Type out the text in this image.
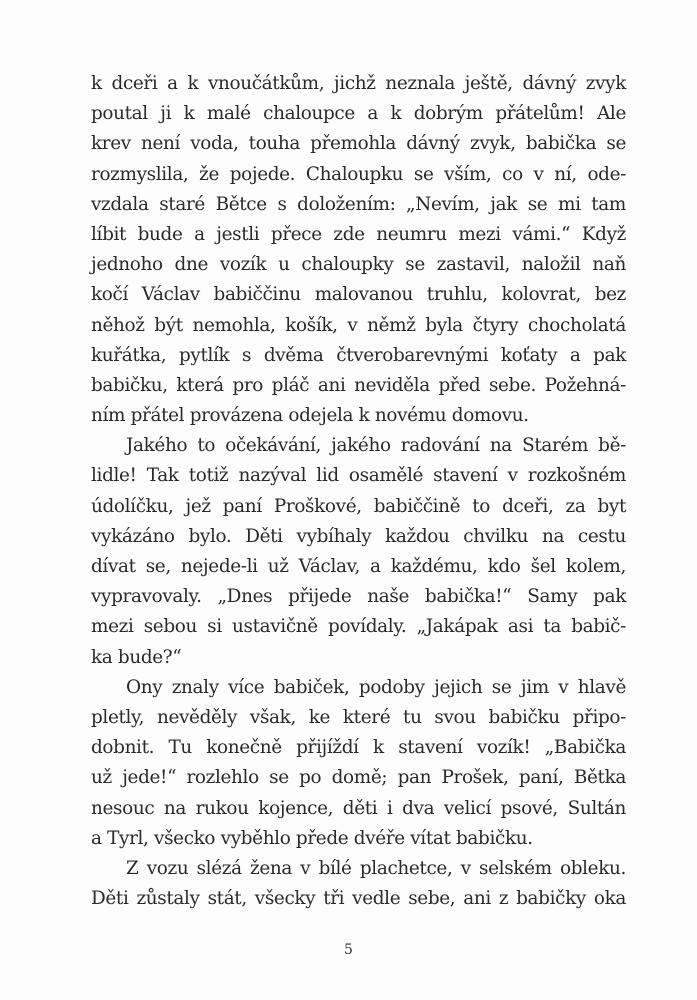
k dceři a k vnoučátkům, jichž neznala ještě, dávný zvyk
poutal ji k malé chaloupce a k dobrým přátelům! Ale
krev není voda, touha přemohla dávný zvyk, babička se
rozmyslila, že pojede. Chaloupku se vším, co v ní, ode-
vzdala staré Bětce s doložením: „Nevím, jak se mi tam
líbit bude a jestli přece zde neumru mezi vámi.“ Když
jednoho dne vozík u chaloupky se zastavil, naložil naň
kočí Václav babiččinu malovanou truhlu, kolovrat, bez
něhož být nemohla, košík, v němž byla čtyry chocholatá
kuřátka, pytlík s dvěma čtverobarevnými koťaty a pak
babičku, která pro pláč ani neviděla před sebe. Požehná-
ním přátel provázena odejela k novému domovu.
Jakého to očekávání, jakého radování na Starém bě-
lidle! Tak totiž nazýval lid osamělé stavení v rozkošném
údolíčku, jež paní Proškové, babiččině to dceři, za byt
vykázáno bylo. Děti vybíhaly každou chvilku na cestu
dívat se, nejede-li už Václav, a každému, kdo šel kolem,
vypravovaly. „Dnes přijede naše babička!“ Samy pak
mezi sebou si ustavičně povídaly. „Jakápak asi ta babič-
ka bude?“
Ony znaly více babiček, podoby jejich se jim v hlavě
pletly, nevěděly však, ke které tu svou babičku připo-
dobnit. Tu konečně přijíždí k stavení vozík! „Babička
už jede!“ rozlehlo se po domě; pan Prošek, paní, Bětka
nesouc na rukou kojence, děti i dva velicí psové, Sultán
a Tyrl, všecko vyběhlo přede dvéře vítat babičku.
Z vozu slézá žena v bílé plachetce, v selském obleku.
Děti zůstaly stát, všecky tři vedle sebe, ani z babičky oka
5
